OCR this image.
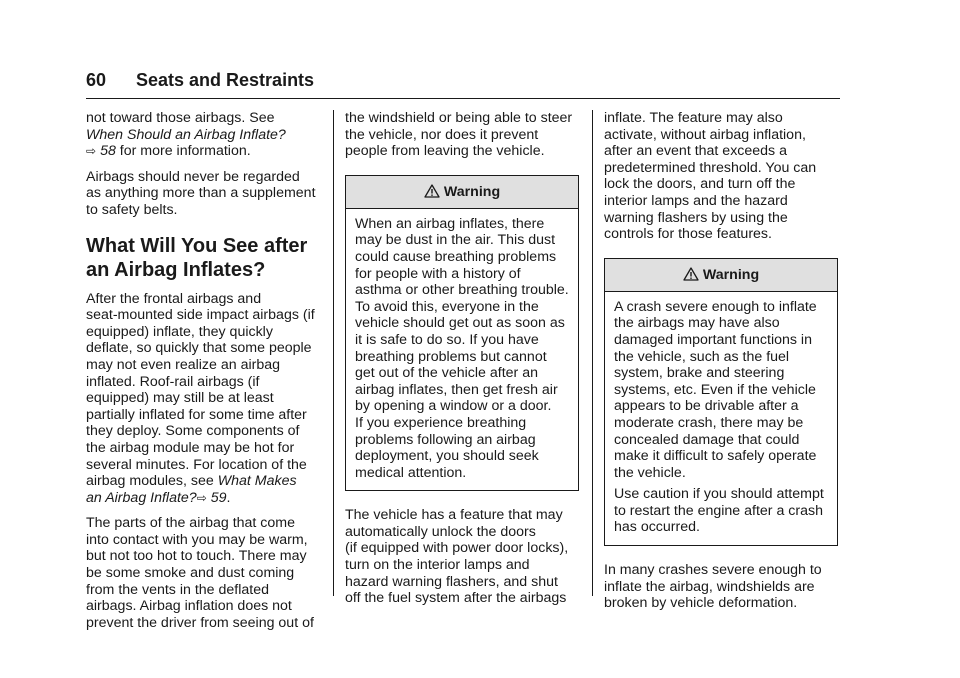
60 Seats and Restraints

not toward those airbags. See
When Should an Airbag Inflate?
⇨ 58 for more information.

Airbags should never be regarded
as anything more than a supplement
to safety belts.

What Will You See after
an Airbag Inflates?

After the frontal airbags and
seat-mounted side impact airbags (if
equipped) inflate, they quickly
deflate, so quickly that some people
may not even realize an airbag
inflated. Roof-rail airbags (if
equipped) may still be at least
partially inflated for some time after
they deploy. Some components of
the airbag module may be hot for
several minutes. For location of the
airbag modules, see What Makes
an Airbag Inflate?⇨ 59.

The parts of the airbag that come
into contact with you may be warm,
but not too hot to touch. There may
be some smoke and dust coming
from the vents in the deflated
airbags. Airbag inflation does not
prevent the driver from seeing out of

the windshield or being able to steer
the vehicle, nor does it prevent
people from leaving the vehicle.

Warning

When an airbag inflates, there
may be dust in the air. This dust
could cause breathing problems
for people with a history of
asthma or other breathing trouble.
To avoid this, everyone in the
vehicle should get out as soon as
it is safe to do so. If you have
breathing problems but cannot
get out of the vehicle after an
airbag inflates, then get fresh air
by opening a window or a door.
If you experience breathing
problems following an airbag
deployment, you should seek
medical attention.

The vehicle has a feature that may
automatically unlock the doors
(if equipped with power door locks),
turn on the interior lamps and
hazard warning flashers, and shut
off the fuel system after the airbags

inflate. The feature may also
activate, without airbag inflation,
after an event that exceeds a
predetermined threshold. You can
lock the doors, and turn off the
interior lamps and the hazard
warning flashers by using the
controls for those features.

Warning

A crash severe enough to inflate
the airbags may have also
damaged important functions in
the vehicle, such as the fuel
system, brake and steering
systems, etc. Even if the vehicle
appears to be drivable after a
moderate crash, there may be
concealed damage that could
make it difficult to safely operate
the vehicle.

Use caution if you should attempt
to restart the engine after a crash
has occurred.

In many crashes severe enough to
inflate the airbag, windshields are
broken by vehicle deformation.
